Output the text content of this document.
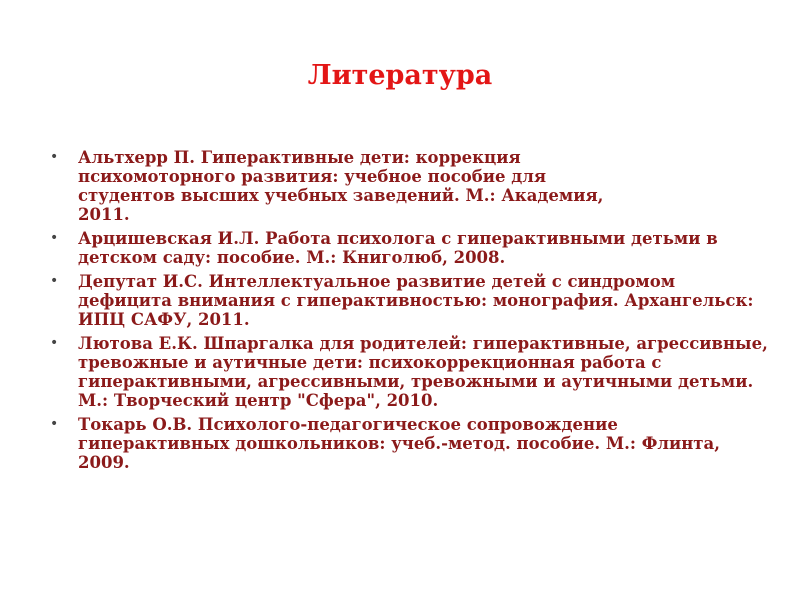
Литература
• Альтхерр П. Гиперактивные дети: коррекция психомоторного развития: учебное пособие для студентов высших учебных заведений. М.: Академия, 2011.
• Арцишевская И.Л. Работа психолога с гиперактивными детьми в детском саду: пособие. М.: Книголюб, 2008.
• Депутат И.С. Интеллектуальное развитие детей с синдромом дефицита внимания с гиперактивностью: монография. Архангельск: ИПЦ САФУ, 2011.
• Лютова Е.К. Шпаргалка для родителей: гиперактивные, агрессивные, тревожные и аутичные дети: психокоррекционная работа с гиперактивными, агрессивными, тревожными и аутичными детьми. М.: Творческий центр "Сфера", 2010.
• Токарь О.В. Психолого-педагогическое сопровождение гиперактивных дошкольников: учеб.-метод. пособие. М.: Флинта, 2009.
